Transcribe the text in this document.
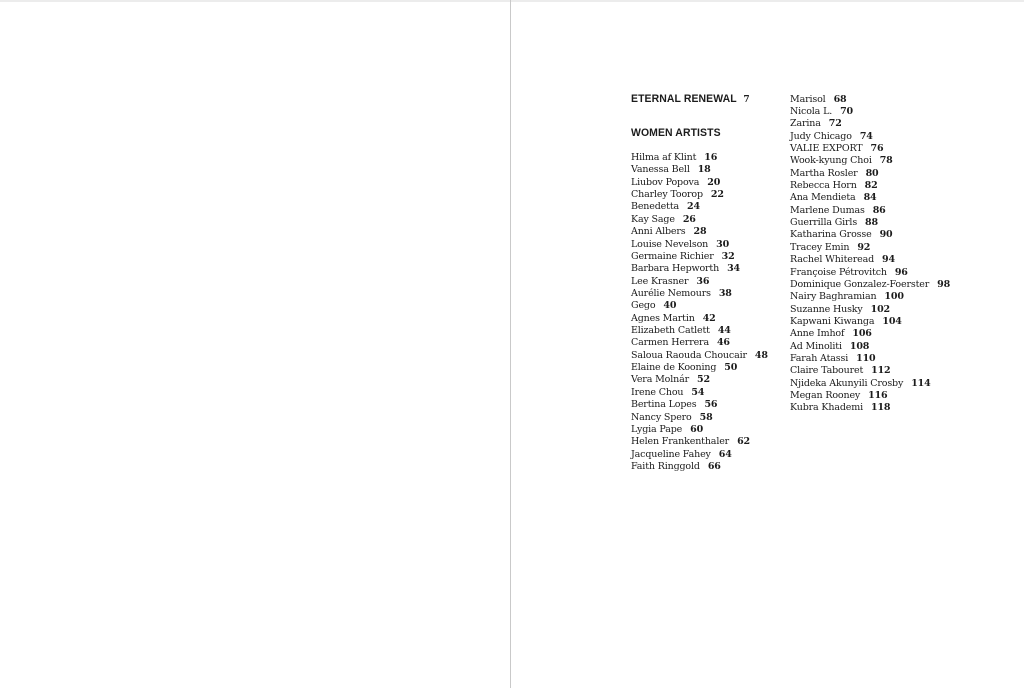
ETERNAL RENEWAL 7
WOMEN ARTISTS
Hilma af Klint 16
Vanessa Bell 18
Liubov Popova 20
Charley Toorop 22
Benedetta 24
Kay Sage 26
Anni Albers 28
Louise Nevelson 30
Germaine Richier 32
Barbara Hepworth 34
Lee Krasner 36
Aurélie Nemours 38
Gego 40
Agnes Martin 42
Elizabeth Catlett 44
Carmen Herrera 46
Saloua Raouda Choucair 48
Elaine de Kooning 50
Vera Molnár 52
Irene Chou 54
Bertina Lopes 56
Nancy Spero 58
Lygia Pape 60
Helen Frankenthaler 62
Jacqueline Fahey 64
Faith Ringgold 66
Marisol 68
Nicola L. 70
Zarina 72
Judy Chicago 74
VALIE EXPORT 76
Wook-kyung Choi 78
Martha Rosler 80
Rebecca Horn 82
Ana Mendieta 84
Marlene Dumas 86
Guerrilla Girls 88
Katharina Grosse 90
Tracey Emin 92
Rachel Whiteread 94
Françoise Pétrovitch 96
Dominique Gonzalez-Foerster 98
Nairy Baghramian 100
Suzanne Husky 102
Kapwani Kiwanga 104
Anne Imhof 106
Ad Minoliti 108
Farah Atassi 110
Claire Tabouret 112
Njideka Akunyili Crosby 114
Megan Rooney 116
Kubra Khademi 118
